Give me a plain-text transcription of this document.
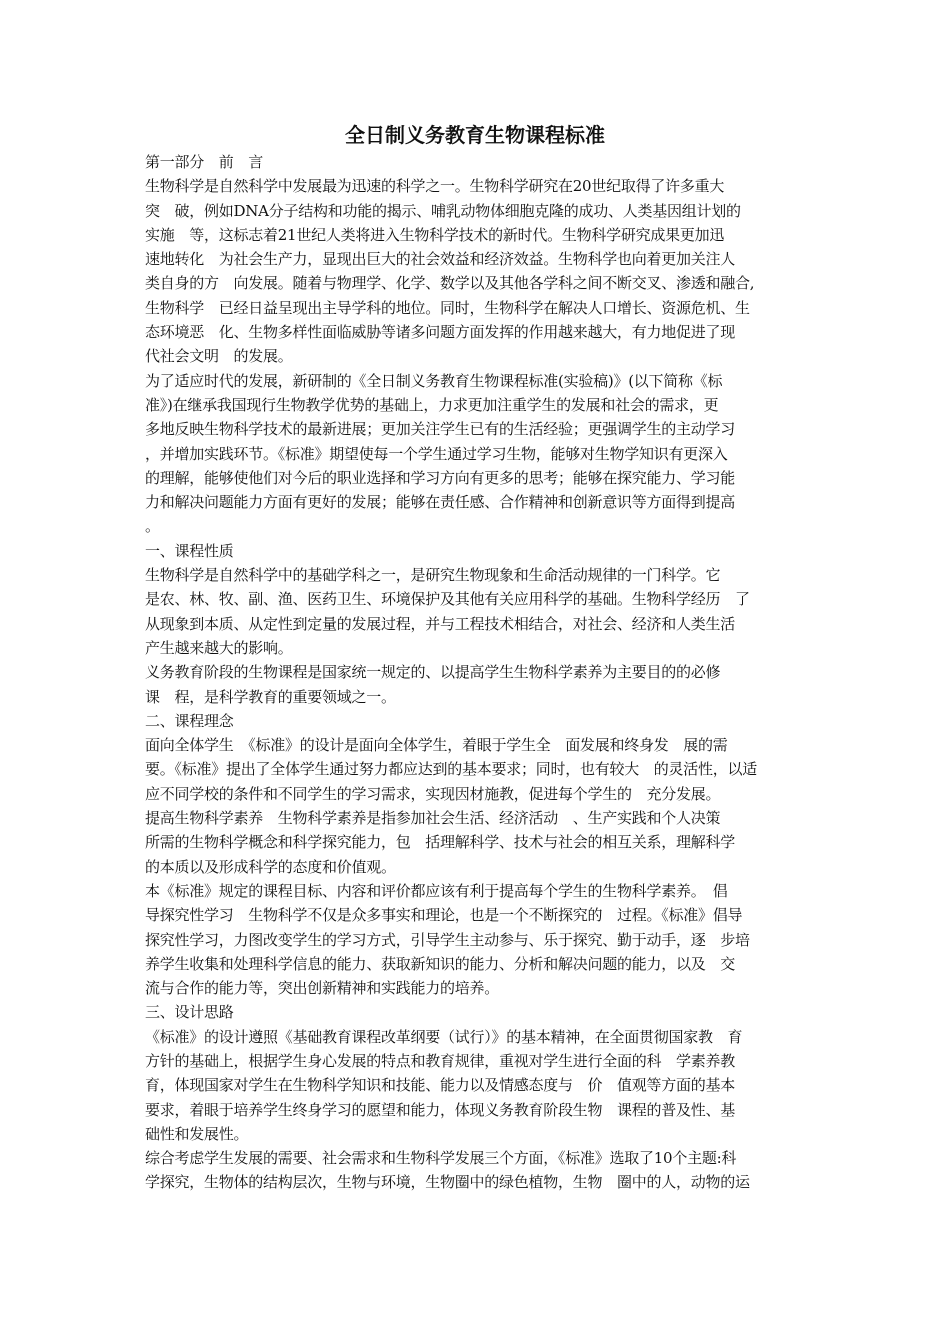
全日制义务教育生物课程标准
第一部分　前　言
生物科学是自然科学中发展最为迅速的科学之一。生物科学研究在20世纪取得了许多重大
突　破，例如DNA分子结构和功能的揭示、哺乳动物体细胞克隆的成功、人类基因组计划的
实施　等，这标志着21世纪人类将进入生物科学技术的新时代。生物科学研究成果更加迅
速地转化　为社会生产力，显现出巨大的社会效益和经济效益。生物科学也向着更加关注人
类自身的方　向发展。随着与物理学、化学、数学以及其他各学科之间不断交叉、渗透和融合,
生物科学　已经日益呈现出主导学科的地位。同时，生物科学在解决人口增长、资源危机、生
态环境恶　化、生物多样性面临威胁等诸多问题方面发挥的作用越来越大，有力地促进了现
代社会文明　的发展。
为了适应时代的发展，新研制的《全日制义务教育生物课程标准(实验稿)》(以下简称《标
准》)在继承我国现行生物教学优势的基础上，力求更加注重学生的发展和社会的需求，更
多地反映生物科学技术的最新进展；更加关注学生已有的生活经验；更强调学生的主动学习
，并增加实践环节。《标准》期望使每一个学生通过学习生物，能够对生物学知识有更深入
的理解，能够使他们对今后的职业选择和学习方向有更多的思考；能够在探究能力、学习能
力和解决问题能力方面有更好的发展；能够在责任感、合作精神和创新意识等方面得到提高
。
一、课程性质
生物科学是自然科学中的基础学科之一，是研究生物现象和生命活动规律的一门科学。它
是农、林、牧、副、渔、医药卫生、环境保护及其他有关应用科学的基础。生物科学经历　了
从现象到本质、从定性到定量的发展过程，并与工程技术相结合，对社会、经济和人类生活
产生越来越大的影响。
义务教育阶段的生物课程是国家统一规定的、以提高学生生物科学素养为主要目的的必修
课　程，是科学教育的重要领域之一。
二、课程理念
面向全体学生　《标准》的设计是面向全体学生，着眼于学生全　面发展和终身发　展的需
要。《标准》提出了全体学生通过努力都应达到的基本要求；同时，也有较大　的灵活性，以适
应不同学校的条件和不同学生的学习需求，实现因材施教，促进每个学生的　充分发展。
提高生物科学素养　生物科学素养是指参加社会生活、经济活动　、生产实践和个人决策
所需的生物科学概念和科学探究能力，包　括理解科学、技术与社会的相互关系，理解科学
的本质以及形成科学的态度和价值观。
本《标准》规定的课程目标、内容和评价都应该有利于提高每个学生的生物科学素养。　倡
导探究性学习　生物科学不仅是众多事实和理论，也是一个不断探究的　过程。《标准》倡导
探究性学习，力图改变学生的学习方式，引导学生主动参与、乐于探究、勤于动手，逐　步培
养学生收集和处理科学信息的能力、获取新知识的能力、分析和解决问题的能力，以及　交
流与合作的能力等，突出创新精神和实践能力的培养。
三、设计思路
《标准》的设计遵照《基础教育课程改革纲要（试行）》的基本精神，在全面贯彻国家教　育
方针的基础上，根据学生身心发展的特点和教育规律，重视对学生进行全面的科　学素养教
育，体现国家对学生在生物科学知识和技能、能力以及情感态度与　价　值观等方面的基本
要求，着眼于培养学生终身学习的愿望和能力，体现义务教育阶段生物　课程的普及性、基
础性和发展性。
综合考虑学生发展的需要、社会需求和生物科学发展三个方面，《标准》选取了10个主题:科
学探究，生物体的结构层次，生物与环境，生物圈中的绿色植物，生物　圈中的人，动物的运
